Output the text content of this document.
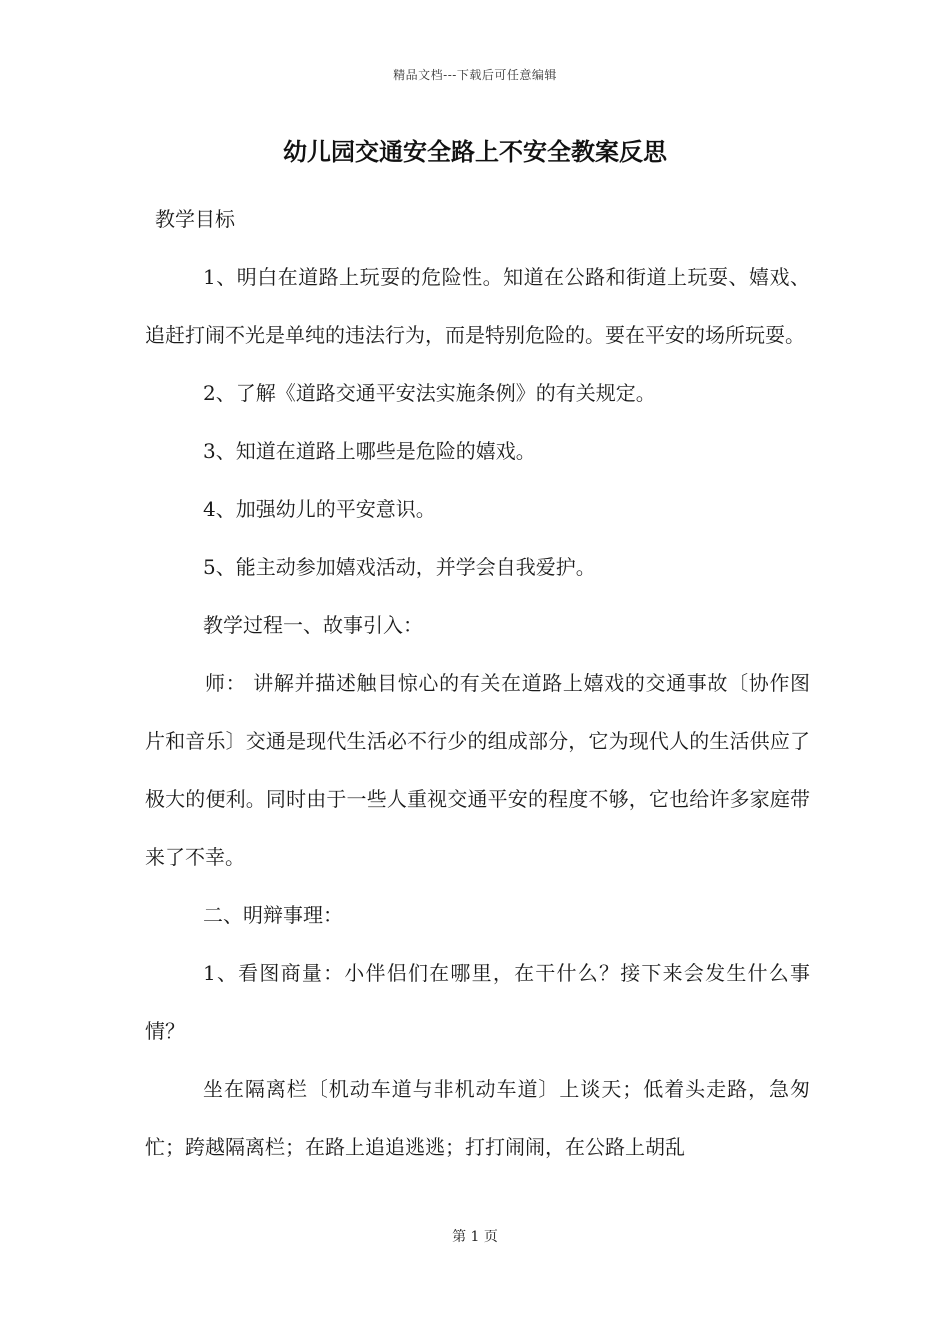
精品文档---下载后可任意编辑
幼儿园交通安全路上不安全教案反思

教学目标

1、明白在道路上玩耍的危险性。知道在公路和街道上玩耍、嬉戏、追赶打闹不光是单纯的违法行为，而是特别危险的。要在平安的场所玩耍。

2、了解《道路交通平安法实施条例》的有关规定。

3、知道在道路上哪些是危险的嬉戏。

4、加强幼儿的平安意识。

5、能主动参加嬉戏活动，并学会自我爱护。

教学过程一、故事引入：

师： 讲解并描述触目惊心的有关在道路上嬉戏的交通事故〔协作图片和音乐〕交通是现代生活必不行少的组成部分，它为现代人的生活供应了极大的便利。同时由于一些人重视交通平安的程度不够，它也给许多家庭带来了不幸。

二、明辩事理：

1、看图商量：小伴侣们在哪里，在干什么？接下来会发生什么事情？

坐在隔离栏〔机动车道与非机动车道〕上谈天；低着头走路，急匆忙；跨越隔离栏；在路上追追逃逃；打打闹闹，在公路上胡乱

第 1 页
